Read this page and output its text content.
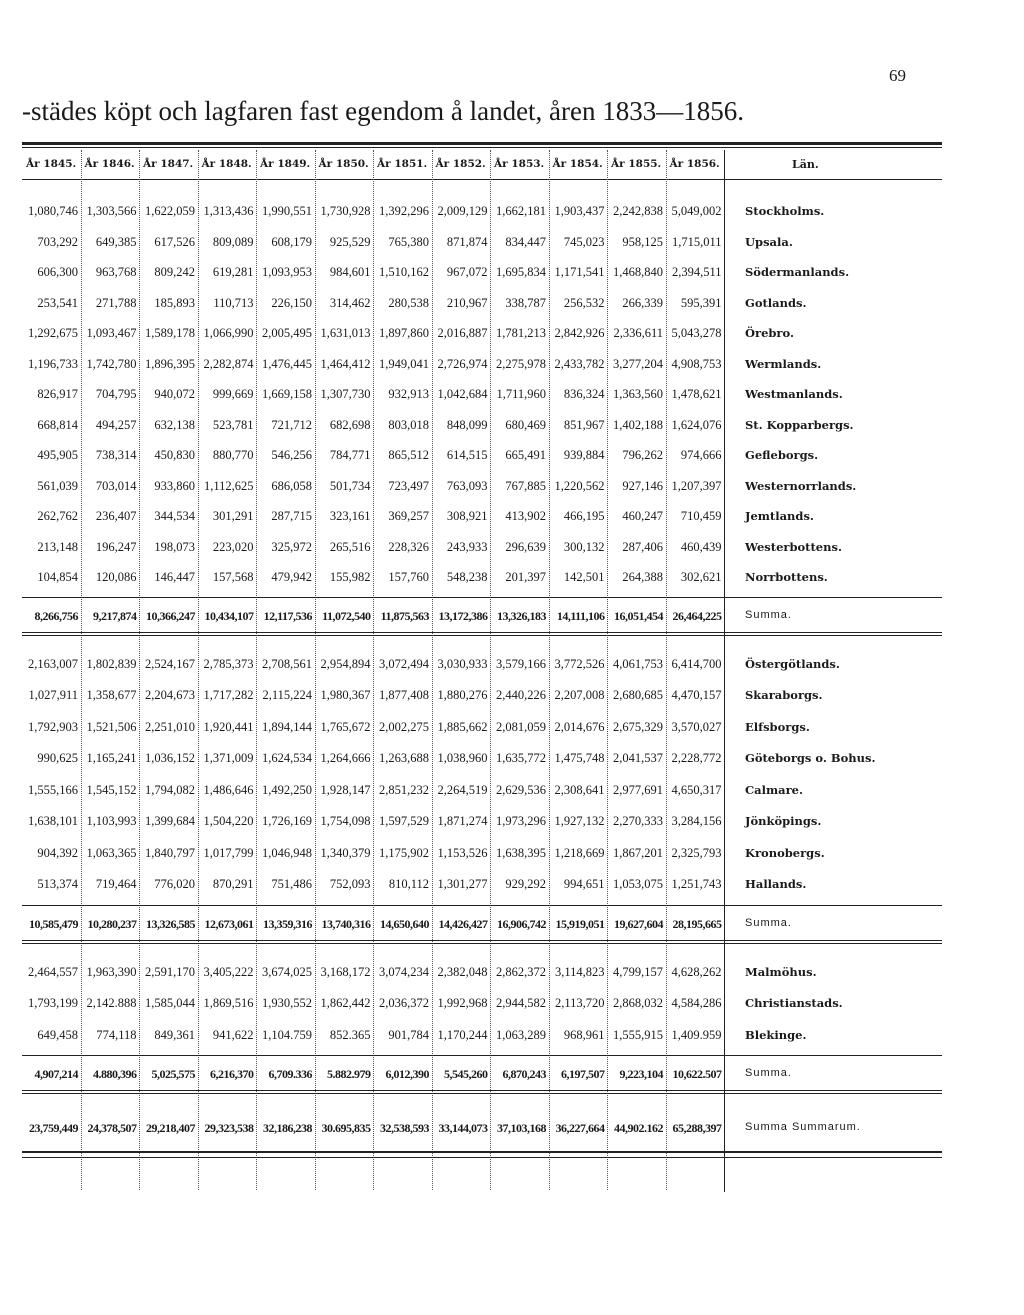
69
-städes köpt och lagfaren fast egendom å landet, åren 1833—1856.
År 1845. År 1846. År 1847. År 1848. År 1849. År 1850. År 1851. År 1852. År 1853. År 1854. År 1855. År 1856.	Län.
1,080,746 1,303,566 1,622,059 1,313,436 1,990,551 1,730,928 1,392,296 2,009,129 1,662,181 1,903,437 2,242,838 5,049,002 Stockholms.
703,292	649,385	617,526	809,089	608,179	925,529	765,380	871,874	834,447	745,023	958,125 1,715,011 Upsala.
606,300	963,768	809,242	619,281 1,093,953	984,601 1,510,162	967,072 1,695,834 1,171,541 1,468,840 2,394,511 Södermanlands.
253,541	271,788	185,893	110,713	226,150	314,462	280,538	210,967	338,787	256,532	266,339	595,391 Gotlands.
1,292,675 1,093,467 1,589,178 1,066,990 2,005,495 1,631,013 1,897,860 2,016,887 1,781,213 2,842,926 2,336,611 5,043,278 Örebro.
1,196,733 1,742,780 1,896,395 2,282,874 1,476,445 1,464,412 1,949,041 2,726,974 2,275,978 2,433,782 3,277,204 4,908,753 Wermlands.
826,917	704,795	940,072	999,669 1,669,158 1,307,730	932,913 1,042,684 1,711,960	836,324 1,363,560 1,478,621 Westmanlands.
668,814	494,257	632,138	523,781	721,712	682,698	803,018	848,099	680,469	851,967 1,402,188 1,624,076 St. Kopparbergs.
495,905	738,314	450,830	880,770	546,256	784,771	865,512	614,515	665,491	939,884	796,262	974,666 Gefleborgs.
561,039	703,014	933,860 1,112,625	686,058	501,734	723,497	763,093	767,885 1,220,562	927,146 1,207,397 Westernorrlands.
262,762	236,407	344,534	301,291	287,715	323,161	369,257	308,921	413,902	466,195	460,247	710,459 Jemtlands.
213,148	196,247	198,073	223,020	325,972	265,516	228,326	243,933	296,639	300,132	287,406	460,439 Westerbottens.
104,854	120,086	146,447	157,568	479,942	155,982	157,760	548,238	201,397	142,501	264,388	302,621 Norrbottens.
8,266,756	9,217,874 10,366,247 10,434,107 12,117,536 11,072,540 11,875,563 13,172,386 13,326,183 14,111,106 16,051,454 26,464,225 Summa.
2,163,007 1,802,839 2,524,167 2,785,373 2,708,561 2,954,894 3,072,494 3,030,933 3,579,166 3,772,526 4,061,753 6,414,700 Östergötlands.
1,027,911 1,358,677 2,204,673 1,717,282 2,115,224 1,980,367 1,877,408 1,880,276 2,440,226 2,207,008 2,680,685 4,470,157 Skaraborgs.
1,792,903 1,521,506 2,251,010 1,920,441 1,894,144 1,765,672 2,002,275 1,885,662 2,081,059 2,014,676 2,675,329 3,570,027 Elfsborgs.
990,625 1,165,241 1,036,152 1,371,009 1,624,534 1,264,666 1,263,688 1,038,960 1,635,772 1,475,748 2,041,537 2,228,772 Göteborgs o. Bohus.
1,555,166 1,545,152 1,794,082 1,486,646 1,492,250 1,928,147 2,851,232 2,264,519 2,629,536 2,308,641 2,977,691 4,650,317 Calmare.
1,638,101 1,103,993 1,399,684 1,504,220 1,726,169 1,754,098 1,597,529 1,871,274 1,973,296 1,927,132 2,270,333 3,284,156 Jönköpings.
904,392 1,063,365 1,840,797 1,017,799 1,046,948 1,340,379 1,175,902 1,153,526 1,638,395 1,218,669 1,867,201 2,325,793 Kronobergs.
513,374	719,464	776,020	870,291	751,486	752,093	810,112 1,301,277	929,292	994,651 1,053,075 1,251,743 Hallands.
10,585,479 10,280,237 13,326,585 12,673,061 13,359,316 13,740,316 14,650,640 14,426,427 16,906,742 15,919,051 19,627,604 28,195,665 Summa.
2,464,557 1,963,390 2,591,170 3,405,222 3,674,025 3,168,172 3,074,234 2,382,048 2,862,372 3,114,823 4,799,157 4,628,262 Malmöhus.
1,793,199 2,142.888 1,585,044 1,869,516 1,930,552 1,862,442 2,036,372 1,992,968 2,944,582 2,113,720 2,868,032 4,584,286 Christianstads.
649,458	774,118	849,361	941,622 1,104.759	852.365	901,784 1,170,244 1,063,289	968,961 1,555,915 1,409.959 Blekinge.
4,907,214	4.880,396	5,025,575	6,216,370	6,709.336	5.882.979	6,012,390	5,545,260	6,870,243	6,197,507	9,223,104 10,622.507 Summa.
23,759,449 24,378,507 29,218,407 29,323,538 32,186,238 30.695,835 32,538,593 33,144,073 37,103,168 36,227,664 44,902.162 65,288,397 Summa Summarum.
